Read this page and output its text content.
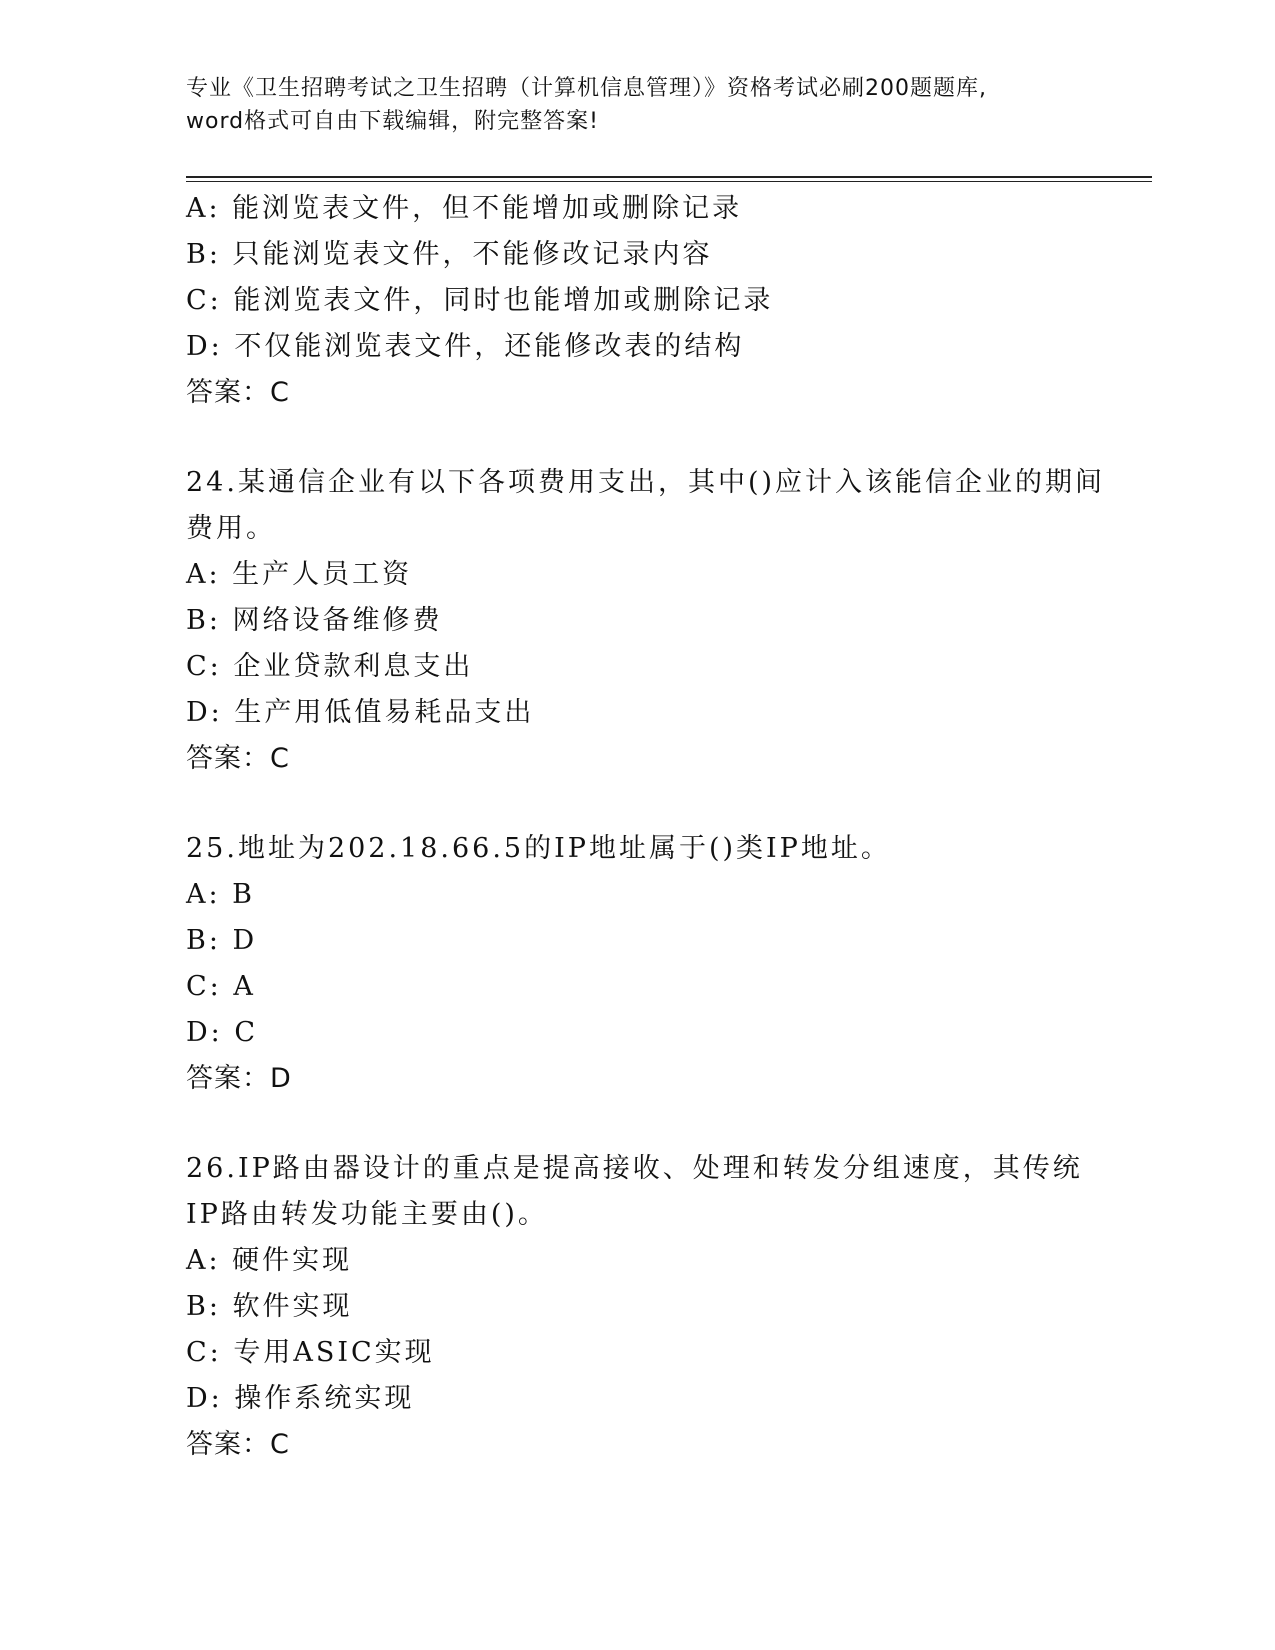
专业《卫生招聘考试之卫生招聘（计算机信息管理）》资格考试必刷200题题库,
word格式可自由下载编辑，附完整答案!
A: 能浏览表文件，但不能增加或删除记录
B: 只能浏览表文件，不能修改记录内容
C: 能浏览表文件，同时也能增加或删除记录
D: 不仅能浏览表文件，还能修改表的结构
答案：C
24.某通信企业有以下各项费用支出，其中()应计入该能信企业的期间
费用。
A: 生产人员工资
B: 网络设备维修费
C: 企业贷款利息支出
D: 生产用低值易耗品支出
答案：C
25.地址为202.18.66.5的IP地址属于()类IP地址。
A: B
B: D
C: A
D: C
答案：D
26.IP路由器设计的重点是提高接收、处理和转发分组速度，其传统
IP路由转发功能主要由()。
A: 硬件实现
B: 软件实现
C: 专用ASIC实现
D: 操作系统实现
答案：C
